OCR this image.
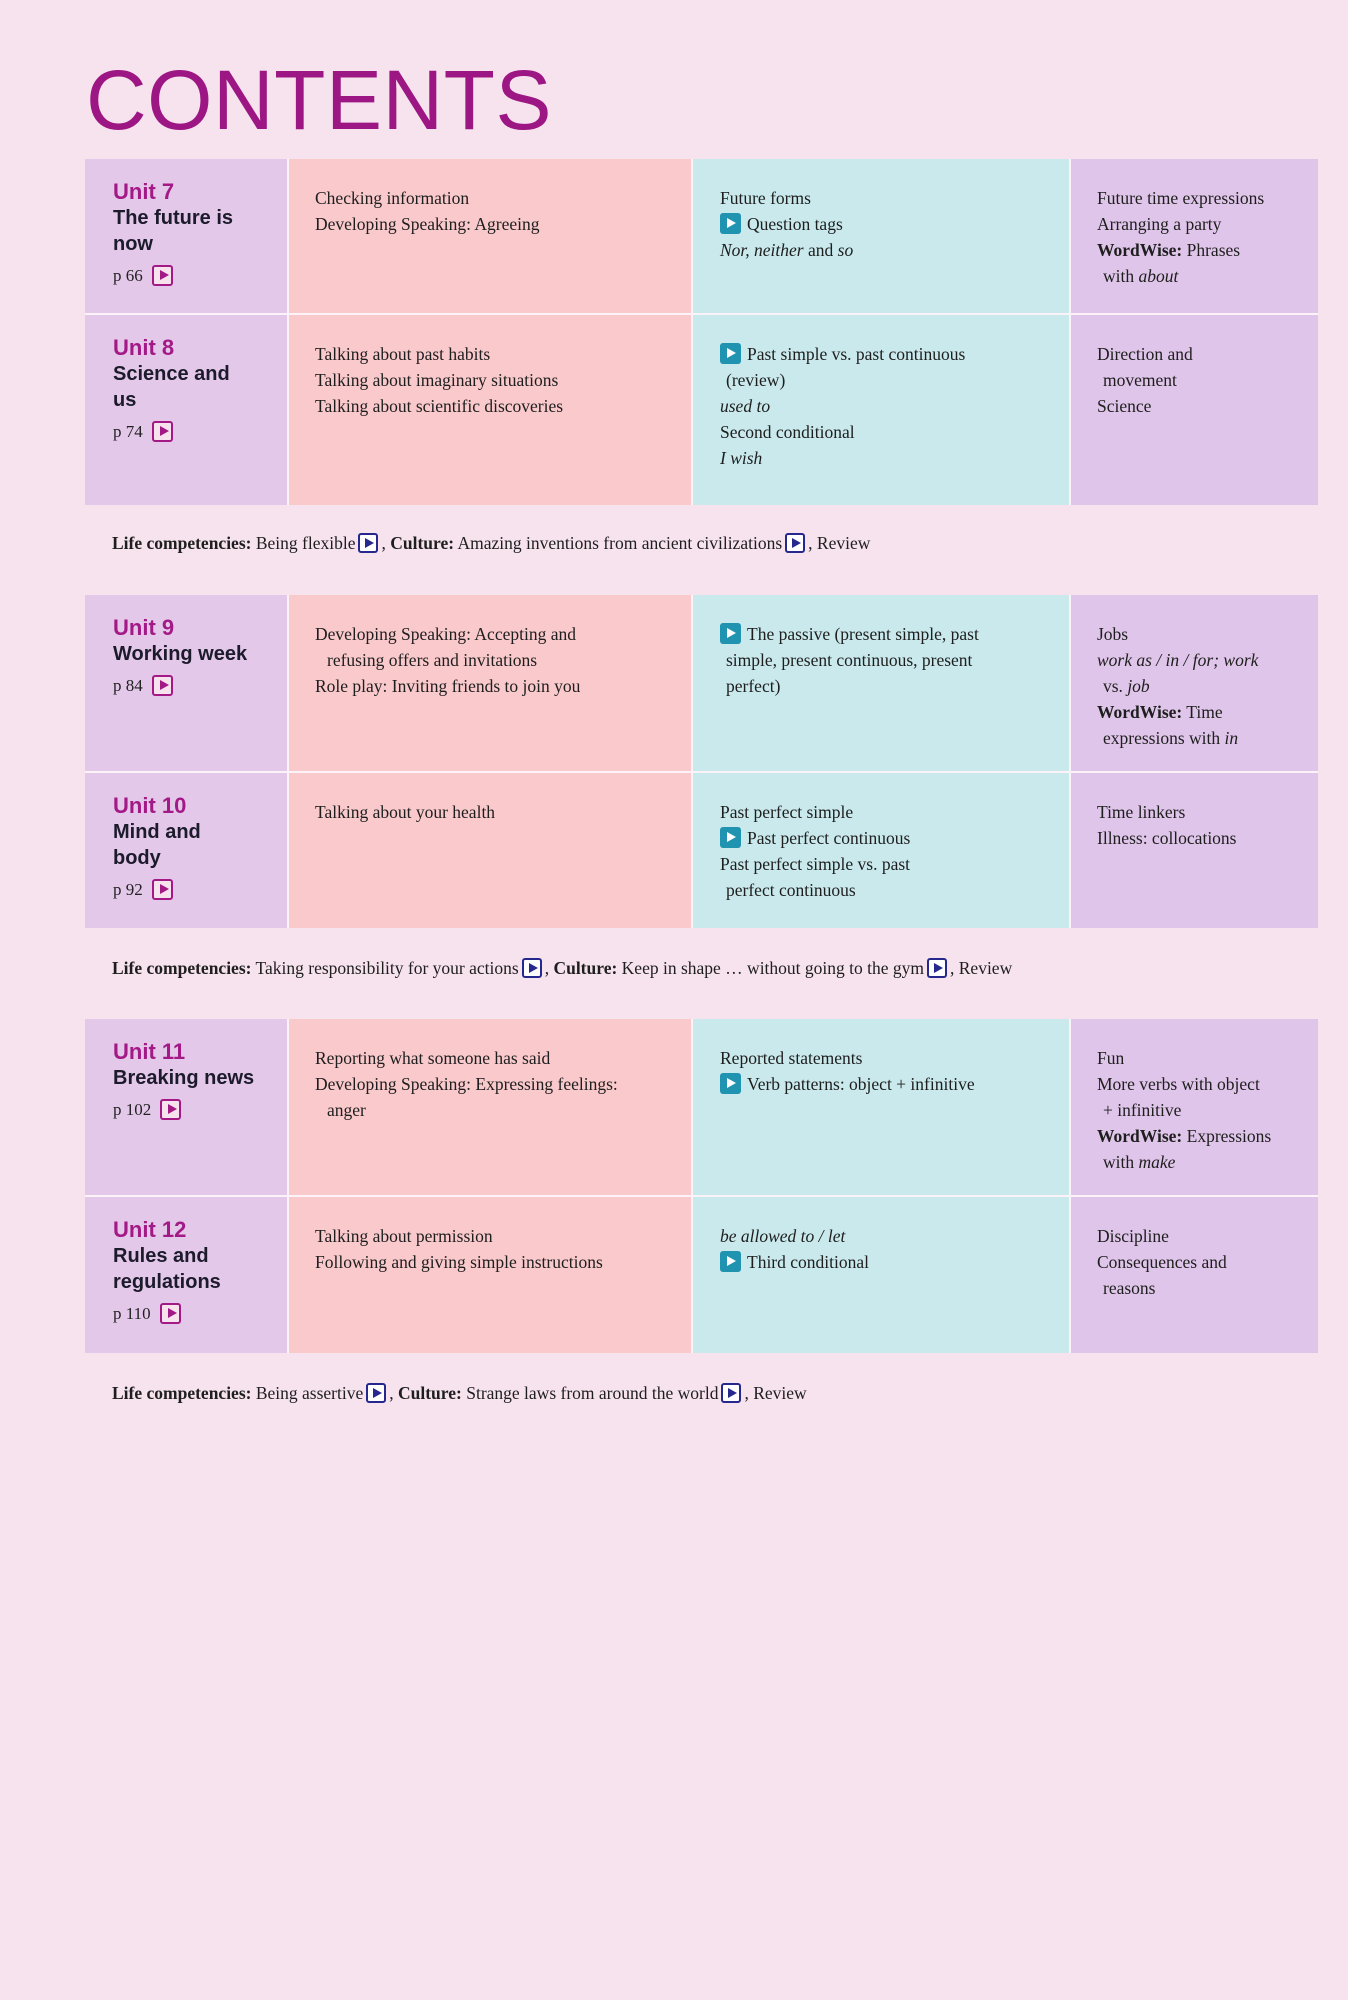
CONTENTS
Unit 7
The future is
now
p 66
Checking information
Developing Speaking: Agreeing
Future forms
Question tags
Nor, neither and so
Future time expressions
Arranging a party
WordWise: Phrases
with about
Unit 8
Science and
us
p 74
Talking about past habits
Talking about imaginary situations
Talking about scientific discoveries
Past simple vs. past continuous
(review)
used to
Second conditional
I wish
Direction and
movement
Science
Life competencies: Being flexible , Culture: Amazing inventions from ancient civilizations , Review
Unit 9
Working week
p 84
Developing Speaking: Accepting and
refusing offers and invitations
Role play: Inviting friends to join you
The passive (present simple, past
simple, present continuous, present
perfect)
Jobs
work as / in / for; work
vs. job
WordWise: Time
expressions with in
Unit 10
Mind and
body
p 92
Talking about your health	Past perfect simple
Past perfect continuous
Past perfect simple vs. past
perfect continuous
Time linkers
Illness: collocations
Life competencies: Taking responsibility for your actions , Culture: Keep in shape … without going to the gym , Review
Unit 11
Breaking news
p 102
Reporting what someone has said
Developing Speaking: Expressing feelings:
anger
Reported statements
Verb patterns: object + infinitive
Fun
More verbs with object
+ infinitive
WordWise: Expressions
with make
Unit 12
Rules and
regulations
p 110
Talking about permission
Following and giving simple instructions
be allowed to / let
Third conditional
Discipline
Consequences and
reasons
Life competencies: Being assertive , Culture: Strange laws from around the world , Review
